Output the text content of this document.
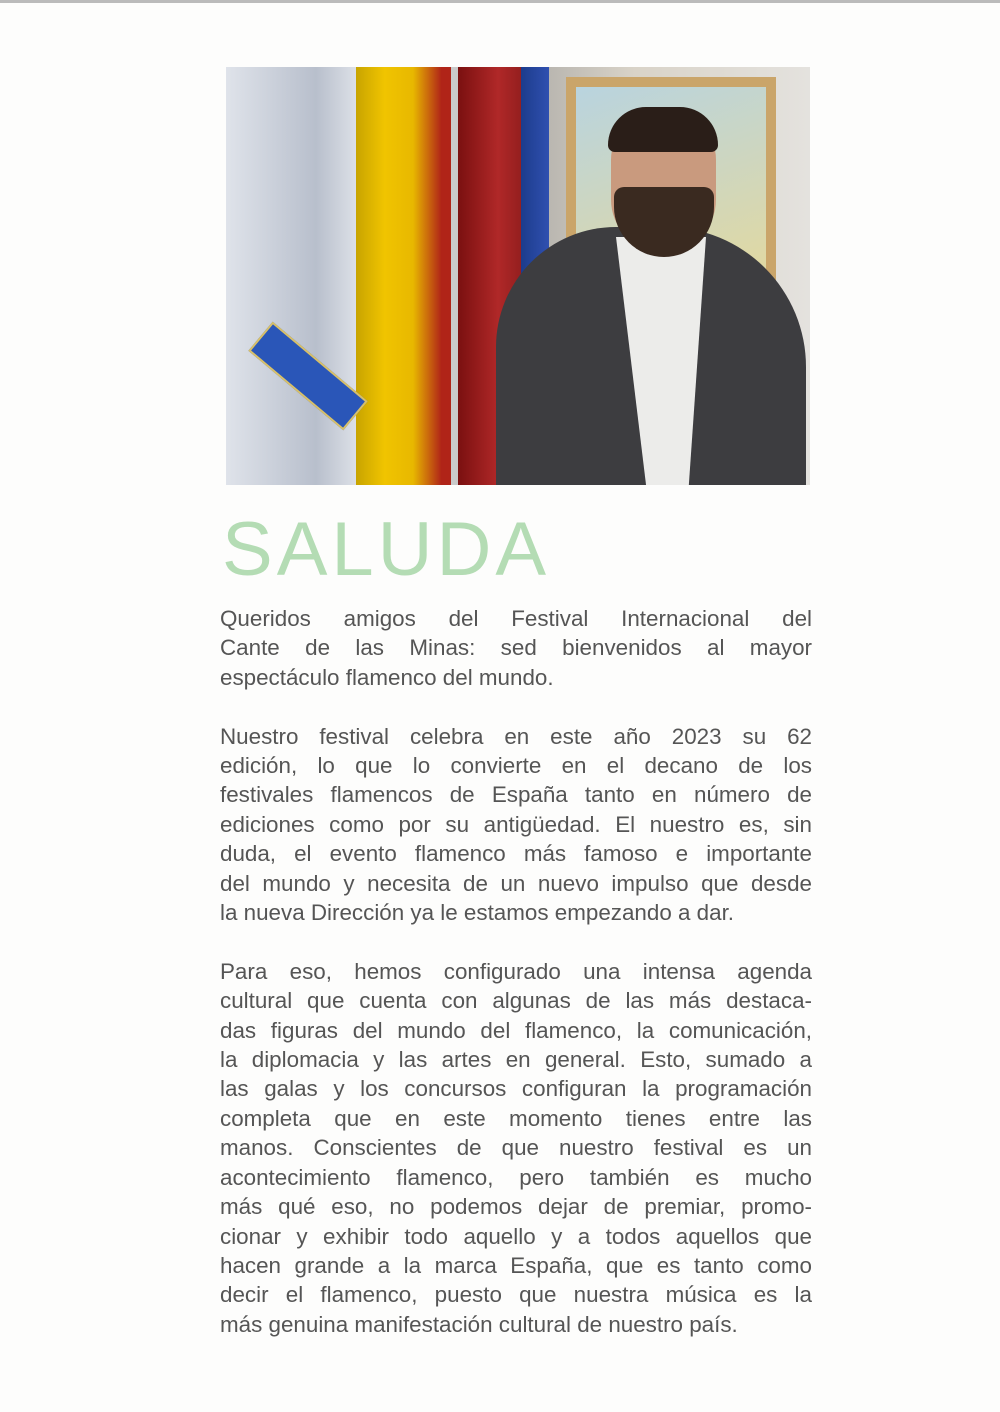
SALUDA

Queridos amigos del Festival Internacional del
Cante de las Minas: sed bienvenidos al mayor
espectáculo flamenco del mundo.

Nuestro festival celebra en este año 2023 su 62
edición, lo que lo convierte en el decano de los
festivales flamencos de España tanto en número de
ediciones como por su antigüedad. El nuestro es, sin
duda, el evento flamenco más famoso e importante
del mundo y necesita de un nuevo impulso que desde
la nueva Dirección ya le estamos empezando a dar.

Para eso, hemos configurado una intensa agenda
cultural que cuenta con algunas de las más destaca-
das figuras del mundo del flamenco, la comunicación,
la diplomacia y las artes en general. Esto, sumado a
las galas y los concursos configuran la programación
completa que en este momento tienes entre las
manos. Conscientes de que nuestro festival es un
acontecimiento flamenco, pero también es mucho
más qué eso, no podemos dejar de premiar, promo-
cionar y exhibir todo aquello y a todos aquellos que
hacen grande a la marca España, que es tanto como
decir el flamenco, puesto que nuestra música es la
más genuina manifestación cultural de nuestro país.
